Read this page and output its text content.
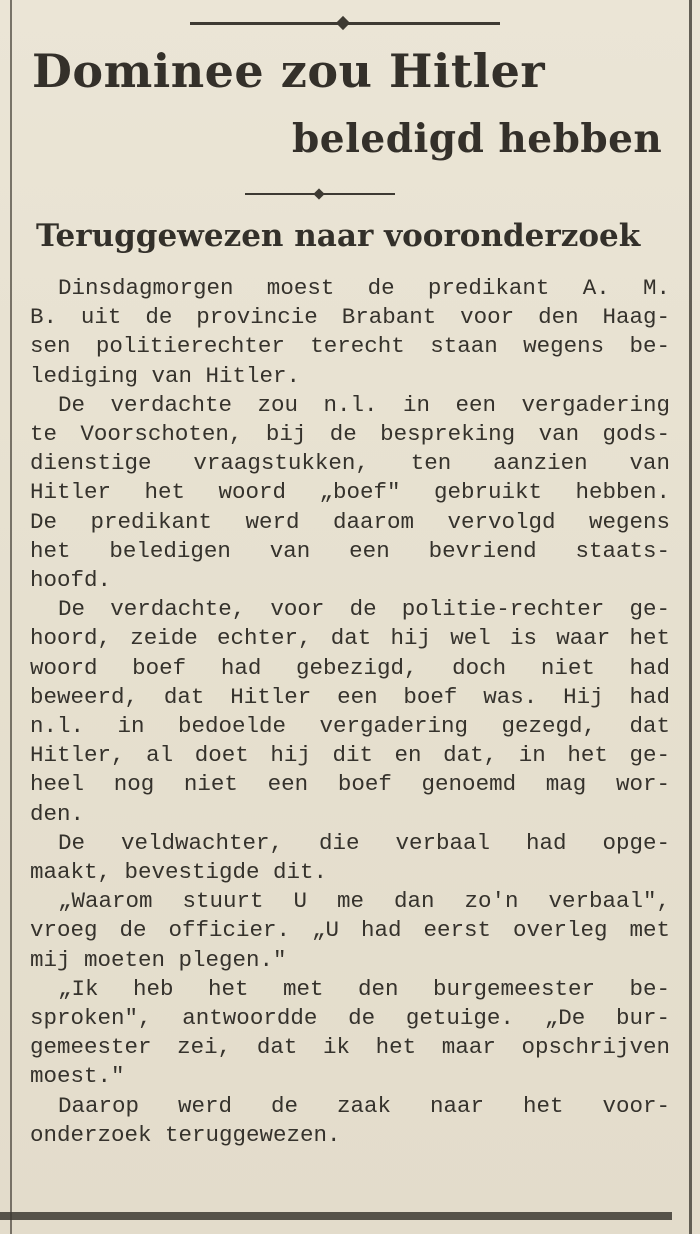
Dominee zou Hitler
beledigd hebben
Teruggewezen naar vooronderzoek
Dinsdagmorgen moest de predikant A. M.
B. uit de provincie Brabant voor den Haag-
sen politierechter terecht staan wegens be-
lediging van Hitler.
De verdachte zou n.l. in een vergadering
te Voorschoten, bij de bespreking van gods-
dienstige vraagstukken, ten aanzien van
Hitler het woord „boef" gebruikt hebben.
De predikant werd daarom vervolgd wegens
het beledigen van een bevriend staats-
hoofd.
De verdachte, voor de politie-rechter ge-
hoord, zeide echter, dat hij wel is waar het
woord boef had gebezigd, doch niet had
beweerd, dat Hitler een boef was. Hij had
n.l. in bedoelde vergadering gezegd, dat
Hitler, al doet hij dit en dat, in het ge-
heel nog niet een boef genoemd mag wor-
den.
De veldwachter, die verbaal had opge-
maakt, bevestigde dit.
„Waarom stuurt U me dan zo'n verbaal",
vroeg de officier. „U had eerst overleg met
mij moeten plegen."
„Ik heb het met den burgemeester be-
sproken", antwoordde de getuige. „De bur-
gemeester zei, dat ik het maar opschrijven
moest."
Daarop werd de zaak naar het voor-
onderzoek teruggewezen.
